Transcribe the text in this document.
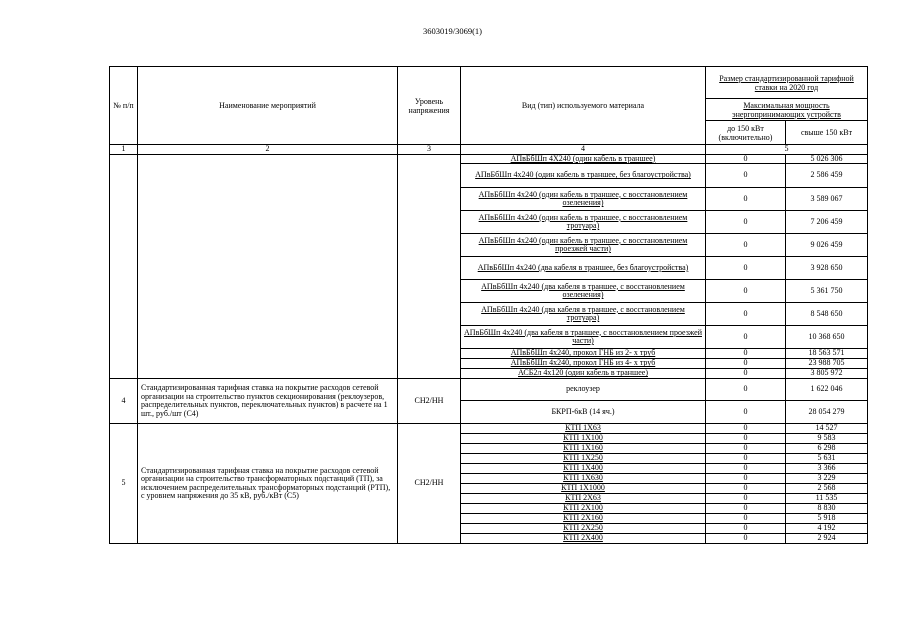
3603019/3069(1)
№ п/п	Наименование мероприятий	Уровень напряжения	Вид (тип) используемого материала	Размер стандартизированной тарифной ставки на 2020 год	
				Максимальная мощность энергопринимающих устройств	
				до 150 кВт (включительно)	свыше 150 кВт
1	2	3	4	5	
			АПвБбШп 4Х240 (один кабель в траншее)	0	5 026 306
			АПвБбШп 4х240 (один кабель в траншее, без благоустройства)	0	2 586 459
			АПвБбШп 4х240 (один кабель в траншее, с восстановлением озеленения)	0	3 589 067
			АПвБбШп 4х240 (один кабель в траншее, с восстановлением тротуара)	0	7 206 459
			АПвБбШп 4х240 (один кабель в траншее, с восстановлением проезжей части)	0	9 026 459
			АПвБбШп 4х240 (два кабеля в траншее, без благоустройства)	0	3 928 650
			АПвБбШп 4х240 (два кабеля в траншее, с восстановлением озеленения)	0	5 361 750
			АПвБбШп 4х240 (два кабеля в траншее, с восстановлением тротуара)	0	8 548 650
			АПвБбШп 4х240 (два кабеля в траншее, с восстановлением проезжей части)	0	10 368 650
			АПвБбШп 4х240, прокол ГНБ из 2- х труб	0	18 563 571
			АПвБбШп 4х240, прокол ГНБ из 4- х труб	0	23 988 705
			АСБ2л 4х120 (один кабель в траншее)	0	3 805 972
4	Стандартизированная тарифная ставка на покрытие расходов сетевой организации на строительство пунктов секционирования (реклоузеров, распределительных пунктов, переключательных пунктов) в расчете на 1 шт., руб./шт (С4)	СН2/НН	реклоузер	0	1 622 046
			БКРП-6кВ (14 яч.)	0	28 054 279
5	Стандартизированная тарифная ставка на покрытие расходов сетевой организации на строительство трансформаторных подстанций (ТП), за исключением распределительных трансформаторных подстанций (РТП), с уровнем напряжения до 35 кВ, руб./кВт (С5)	СН2/НН	КТП 1Х63	0	14 527
			КТП 1Х100	0	9 583
			КТП 1Х160	0	6 298
			КТП 1Х250	0	5 631
			КТП 1Х400	0	3 366
			КТП 1Х630	0	3 229
			КТП 1Х1000	0	2 568
			КТП 2Х63	0	11 535
			КТП 2Х100	0	8 830
			КТП 2Х160	0	5 918
			КТП 2Х250	0	4 192
			КТП 2Х400	0	2 924
